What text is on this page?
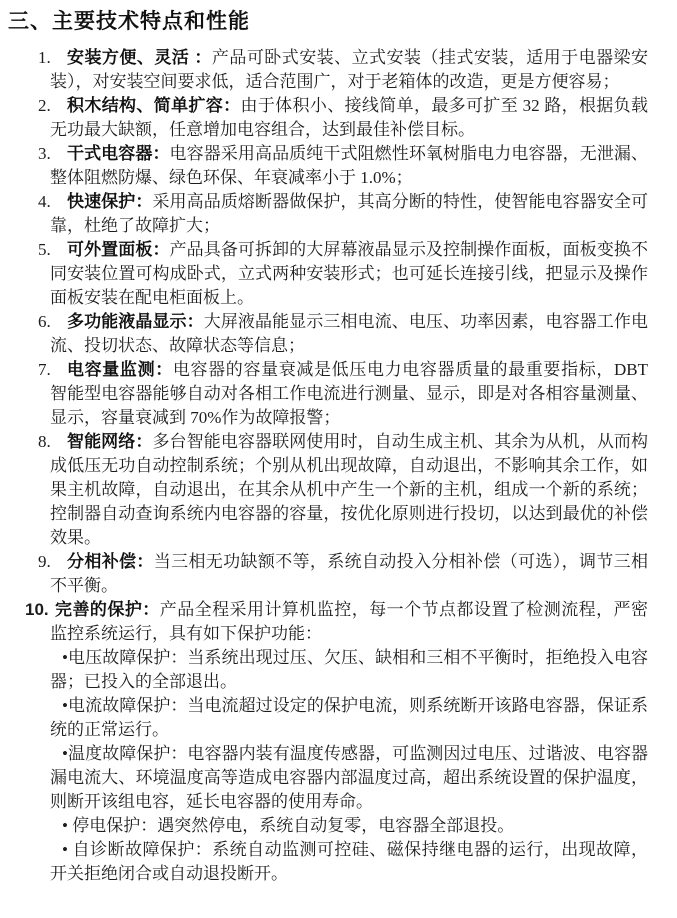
三、主要技术特点和性能

1. 安装方便、灵活 ：产品可卧式安装、立式安装（挂式安装，适用于电器梁安装），对安装空间要求低，适合范围广，对于老箱体的改造，更是方便容易；

2. 积木结构、简单扩容：由于体积小、接线简单，最多可扩至 32 路，根据负载无功最大缺额，任意增加电容组合，达到最佳补偿目标。

3. 干式电容器：电容器采用高品质纯干式阻燃性环氧树脂电力电容器，无泄漏、整体阻燃防爆、绿色环保、年衰减率小于 1.0%；

4. 快速保护：采用高品质熔断器做保护，其高分断的特性，使智能电容器安全可靠，杜绝了故障扩大；

5. 可外置面板：产品具备可拆卸的大屏幕液晶显示及控制操作面板，面板变换不同安装位置可构成卧式，立式两种安装形式；也可延长连接引线，把显示及操作面板安装在配电柜面板上。

6. 多功能液晶显示：大屏液晶能显示三相电流、电压、功率因素，电容器工作电流、投切状态、故障状态等信息；

7. 电容量监测：电容器的容量衰减是低压电力电容器质量的最重要指标，DBT 智能型电容器能够自动对各相工作电流进行测量、显示，即是对各相容量测量、显示，容量衰减到 70%作为故障报警；

8. 智能网络：多台智能电容器联网使用时，自动生成主机、其余为从机，从而构成低压无功自动控制系统；个别从机出现故障，自动退出，不影响其余工作，如果主机故障，自动退出，在其余从机中产生一个新的主机，组成一个新的系统；控制器自动查询系统内电容器的容量，按优化原则进行投切，以达到最优的补偿效果。

9. 分相补偿：当三相无功缺额不等，系统自动投入分相补偿（可选），调节三相不平衡。

10. 完善的保护：产品全程采用计算机监控，每一个节点都设置了检测流程，严密监控系统运行，具有如下保护功能：

•电压故障保护：当系统出现过压、欠压、缺相和三相不平衡时，拒绝投入电容器；已投入的全部退出。

•电流故障保护：当电流超过设定的保护电流，则系统断开该路电容器，保证系统的正常运行。

•温度故障保护：电容器内装有温度传感器，可监测因过电压、过谐波、电容器漏电流大、环境温度高等造成电容器内部温度过高，超出系统设置的保护温度，则断开该组电容，延长电容器的使用寿命。

• 停电保护：遇突然停电，系统自动复零，电容器全部退投。

• 自诊断故障保护：系统自动监测可控硅、磁保持继电器的运行，出现故障，开关拒绝闭合或自动退投断开。
